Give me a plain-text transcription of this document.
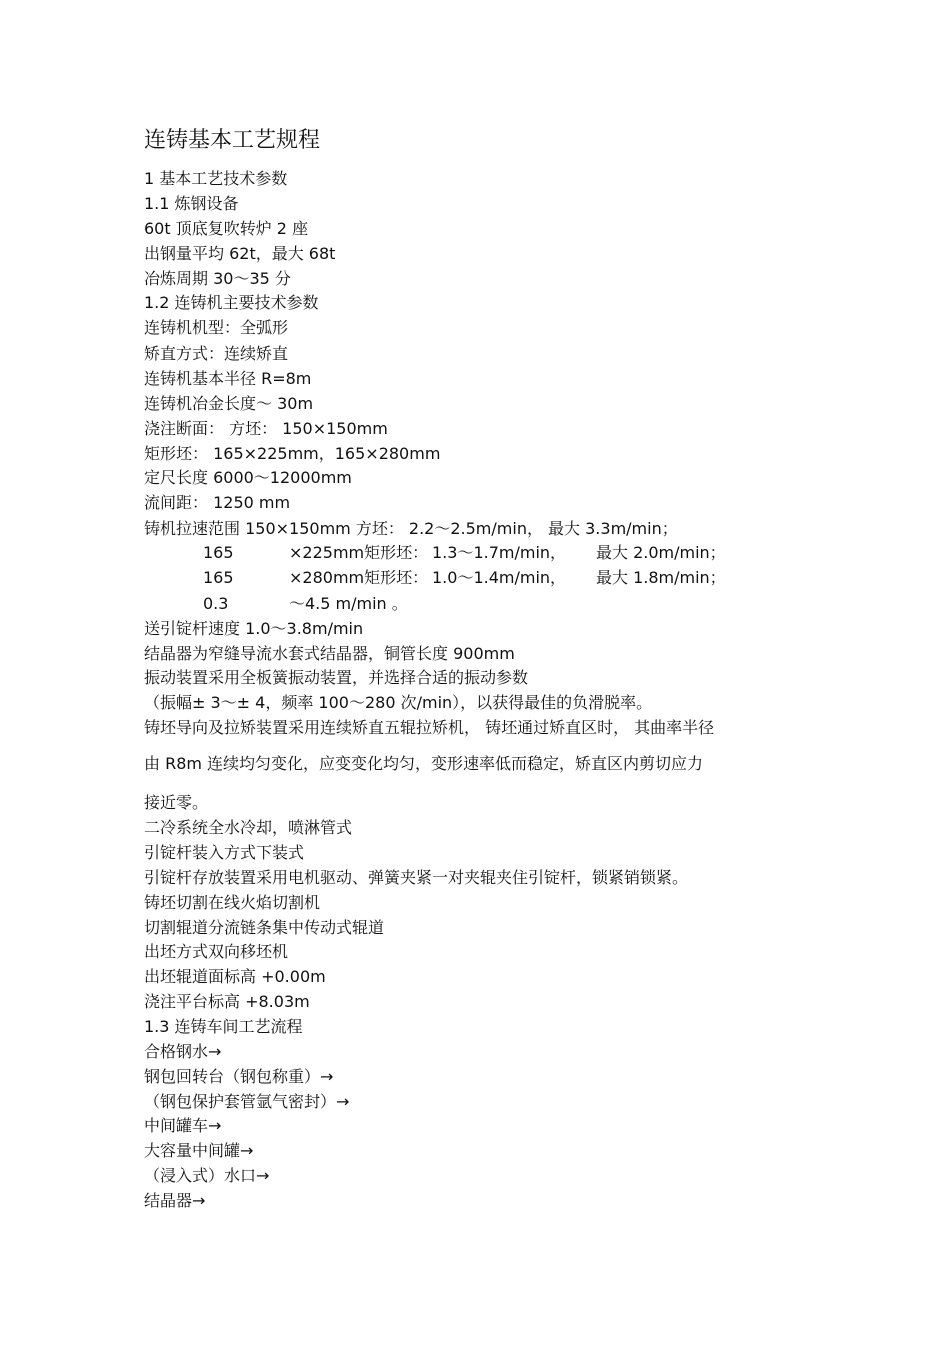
连铸基本工艺规程
1 基本工艺技术参数
1.1 炼钢设备
60t 顶底复吹转炉 2 座
出钢量平均 62t，最大 68t
冶炼周期 30～35 分
1.2 连铸机主要技术参数
连铸机机型：全弧形
矫直方式：连续矫直
连铸机基本半径 R=8m
连铸机冶金长度～ 30m
浇注断面： 方坯： 150×150mm
矩形坯： 165×225mm，165×280mm
定尺长度 6000～12000mm
流间距： 1250 mm
铸机拉速范围 150×150mm 方坯： 2.2～2.5m/min， 最大 3.3m/min；
165	×225mm矩形坯： 1.3～1.7m/min， 最大 2.0m/min；
165	×280mm矩形坯： 1.0～1.4m/min， 最大 1.8m/min；
0.3	～4.5 m/min 。
送引锭杆速度 1.0～3.8m/min
结晶器为窄缝导流水套式结晶器，铜管长度 900mm
振动装置采用全板簧振动装置，并选择合适的振动参数
（振幅± 3～± 4，频率 100～280 次/min），以获得最佳的负滑脱率。
铸坯导向及拉矫装置采用连续矫直五辊拉矫机， 铸坯通过矫直区时， 其曲率半径
由 R8m 连续均匀变化，应变变化均匀，变形速率低而稳定，矫直区内剪切应力
接近零。
二冷系统全水冷却，喷淋管式
引锭杆装入方式下装式
引锭杆存放装置采用电机驱动、弹簧夹紧一对夹辊夹住引锭杆，锁紧销锁紧。
铸坯切割在线火焰切割机
切割辊道分流链条集中传动式辊道
出坯方式双向移坯机
出坯辊道面标高 +0.00m
浇注平台标高 +8.03m
1.3 连铸车间工艺流程
合格钢水→
钢包回转台（钢包称重）→
（钢包保护套管氩气密封）→
中间罐车→
大容量中间罐→
（浸入式）水口→
结晶器→
